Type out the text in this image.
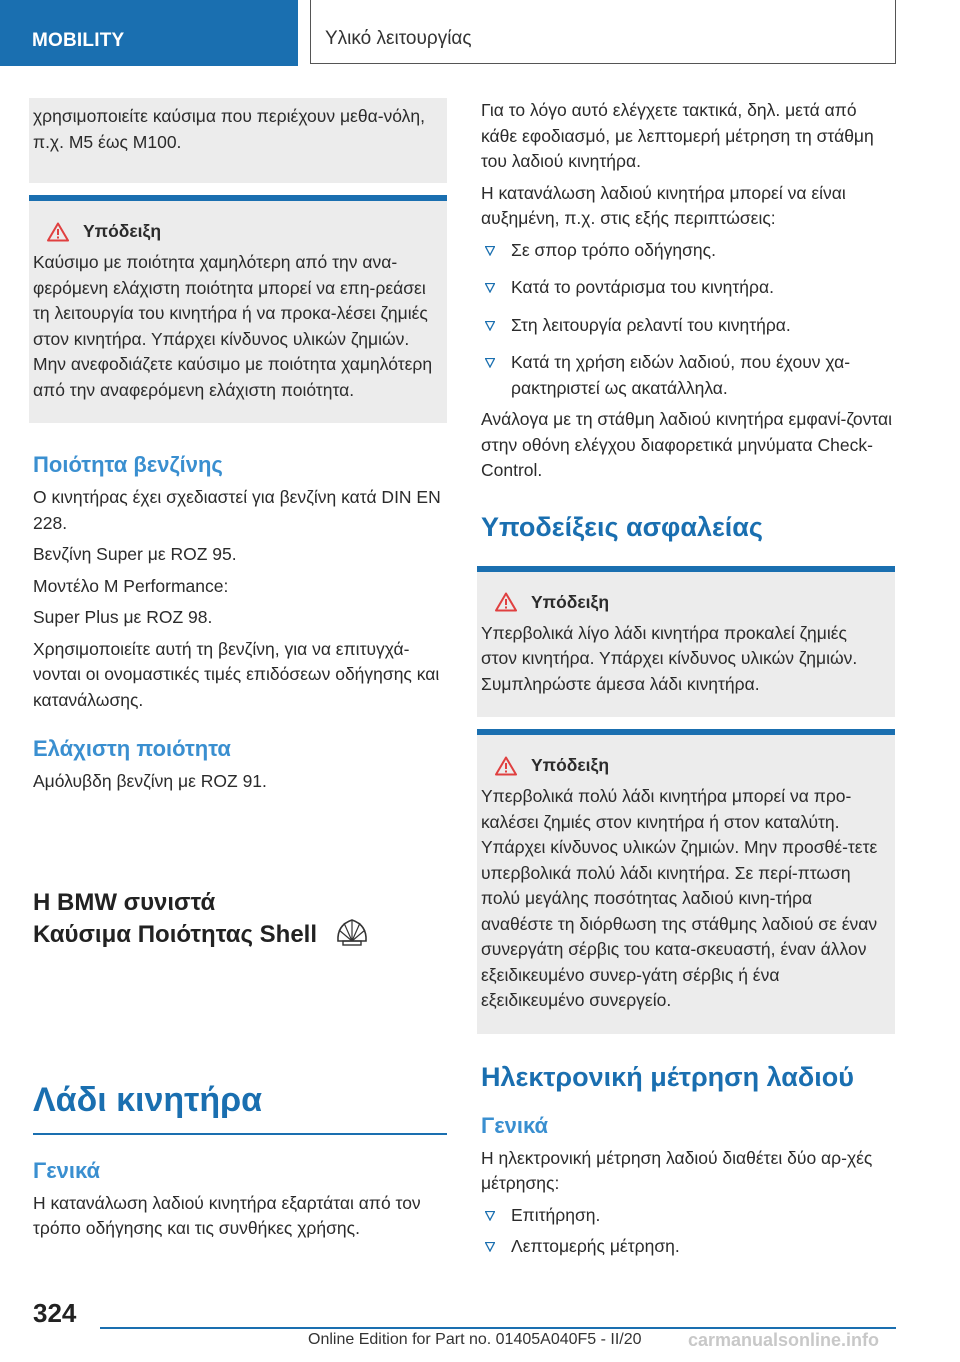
MOBILITY	Υλικό λειτουργίας

χρησιμοποιείτε καύσιμα που περιέχουν μεθα-νόλη, π.χ. M5 έως M100.

Υπόδειξη

Καύσιμο με ποιότητα χαμηλότερη από την ανα-φερόμενη ελάχιστη ποιότητα μπορεί να επη-ρεάσει τη λειτουργία του κινητήρα ή να προκα-λέσει ζημιές στον κινητήρα. Υπάρχει κίνδυνος υλικών ζημιών. Μην ανεφοδιάζετε καύσιμο με ποιότητα χαμηλότερη από την αναφερόμενη ελάχιστη ποιότητα.

Ποιότητα βενζίνης

Ο κινητήρας έχει σχεδιαστεί για βενζίνη κατά DIN EN 228.

Βενζίνη Super με ROZ 95.

Μοντέλο M Performance:

Super Plus με ROZ 98.

Χρησιμοποιείτε αυτή τη βενζίνη, για να επιτυγχά-νονται οι ονομαστικές τιμές επιδόσεων οδήγησης και κατανάλωσης.

Ελάχιστη ποιότητα

Αμόλυβδη βενζίνη με ROZ 91.

Η BMW συνιστά
Καύσιμα Ποιότητας Shell
Λάδι κινητήρα
Γενικά

Η κατανάλωση λαδιού κινητήρα εξαρτάται από τον τρόπο οδήγησης και τις συνθήκες χρήσης.

Για το λόγο αυτό ελέγχετε τακτικά, δηλ. μετά από κάθε εφοδιασμό, με λεπτομερή μέτρηση τη στάθμη του λαδιού κινητήρα.

Η κατανάλωση λαδιού κινητήρα μπορεί να είναι αυξημένη, π.χ. στις εξής περιπτώσεις:

Σε σπορ τρόπο οδήγησης.
Κατά το ροντάρισμα του κινητήρα.
Στη λειτουργία ρελαντί του κινητήρα.
Κατά τη χρήση ειδών λαδιού, που έχουν χα-ρακτηριστεί ως ακατάλληλα.

Ανάλογα με τη στάθμη λαδιού κινητήρα εμφανί-ζονται στην οθόνη ελέγχου διαφορετικά μηνύματα Check-Control.

Υποδείξεις ασφαλείας
Υπόδειξη

Υπερβολικά λίγο λάδι κινητήρα προκαλεί ζημιές στον κινητήρα. Υπάρχει κίνδυνος υλικών ζημιών. Συμπληρώστε άμεσα λάδι κινητήρα.

Υπόδειξη

Υπερβολικά πολύ λάδι κινητήρα μπορεί να προ-καλέσει ζημιές στον κινητήρα ή στον καταλύτη. Υπάρχει κίνδυνος υλικών ζημιών. Μην προσθέ-τετε υπερβολικά πολύ λάδι κινητήρα. Σε περί-πτωση πολύ μεγάλης ποσότητας λαδιού κινη-τήρα αναθέστε τη διόρθωση της στάθμης λαδιού σε έναν συνεργάτη σέρβις του κατα-σκευαστή, έναν άλλον εξειδικευμένο συνερ-γάτη σέρβις ή ένα εξειδικευμένο συνεργείο.

Ηλεκτρονική μέτρηση λαδιού
Γενικά

Η ηλεκτρονική μέτρηση λαδιού διαθέτει δύο αρ-χές μέτρησης:

Επιτήρηση.
Λεπτομερής μέτρηση.
324
Online Edition for Part no. 01405A040F5 - II/20	carmanualsonline.info
